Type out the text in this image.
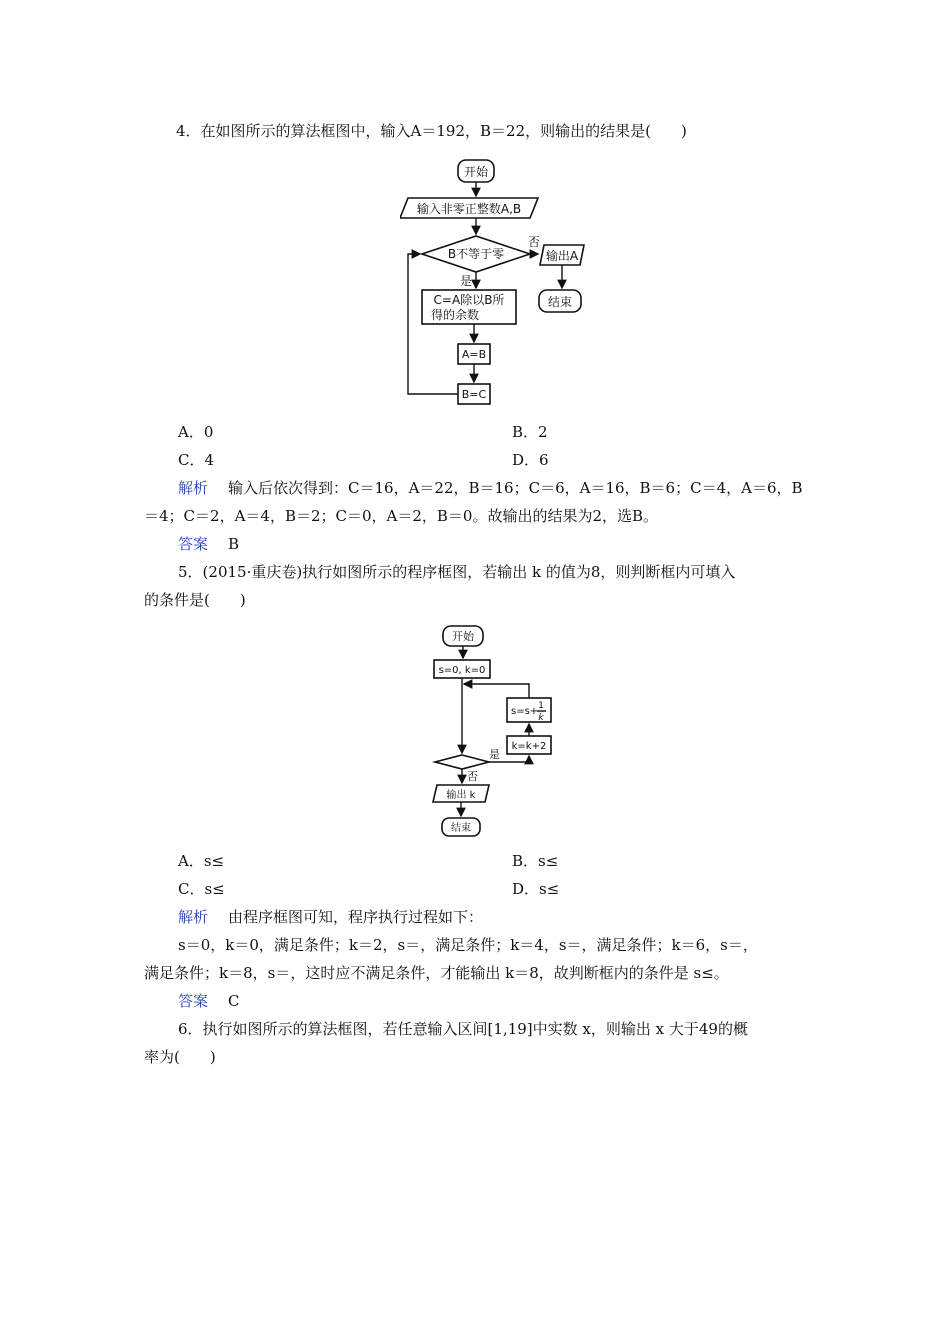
4．在如图所示的算法框图中，输入A＝192，B＝22，则输出的结果是(　　)
开始
输入非零正整数A,B
B不等于零
否
输出A
结束
是
C=A除以B所
得的余数
A=B
B=C
A．0	B．2
C．4	D．6
解析 输入后依次得到：C＝16，A＝22，B＝16；C＝6，A＝16，B＝6；C＝4，A＝6，B
＝4；C＝2，A＝4，B＝2；C＝0，A＝2，B＝0。故输出的结果为2，选B。
答案 B
5．(2015·重庆卷)执行如图所示的程序框图，若输出 k 的值为8，则判断框内可填入
的条件是(　　)
开始
s=0, k=0
s=s+ 1
k
k=k+2
是
否
输出 k
结束
A．s≤	B．s≤
C．s≤	D．s≤
解析 由程序框图可知，程序执行过程如下：
s＝0，k＝0，满足条件；k＝2，s＝，满足条件；k＝4，s＝，满足条件；k＝6，s＝，
满足条件；k＝8，s＝，这时应不满足条件，才能输出 k＝8，故判断框内的条件是 s≤。
答案 C
6．执行如图所示的算法框图，若任意输入区间[1,19]中实数 x，则输出 x 大于49的概
率为(　　)
